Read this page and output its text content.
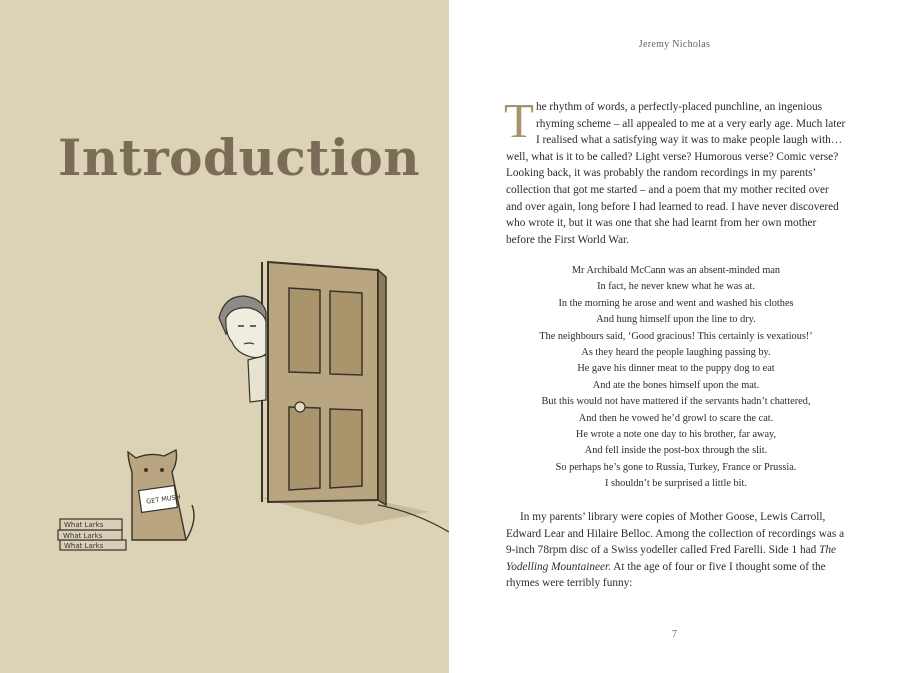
Introduction
What Larks
What Larks
What Larks
GET MUSH
Jeremy Nicholas
The rhythm of words, a perfectly-placed punchline, an ingenious rhyming scheme – all appealed to me at a very early age. Much later I realised what a satisfying way it was to make people laugh with… well, what is it to be called? Light verse? Humorous verse? Comic verse? Looking back, it was probably the random recordings in my parents’ collection that got me started – and a poem that my mother recited over and over again, long before I had learned to read. I have never discovered who wrote it, but it was one that she had learnt from her own mother before the First World War.
Mr Archibald McCann was an absent-minded man
In fact, he never knew what he was at.
In the morning he arose and went and washed his clothes
And hung himself upon the line to dry.
The neighbours said, ‘Good gracious! This certainly is vexatious!’
As they heard the people laughing passing by.
He gave his dinner meat to the puppy dog to eat
And ate the bones himself upon the mat.
But this would not have mattered if the servants hadn’t chattered,
And then he vowed he’d growl to scare the cat.
He wrote a note one day to his brother, far away,
And fell inside the post-box through the slit.
So perhaps he’s gone to Russia, Turkey, France or Prussia.
I shouldn’t be surprised a little bit.
In my parents’ library were copies of Mother Goose, Lewis Carroll, Edward Lear and Hilaire Belloc. Among the collection of recordings was a 9-inch 78rpm disc of a Swiss yodeller called Fred Farelli. Side 1 had The Yodelling Mountaineer. At the age of four or five I thought some of the rhymes were terribly funny:
7
